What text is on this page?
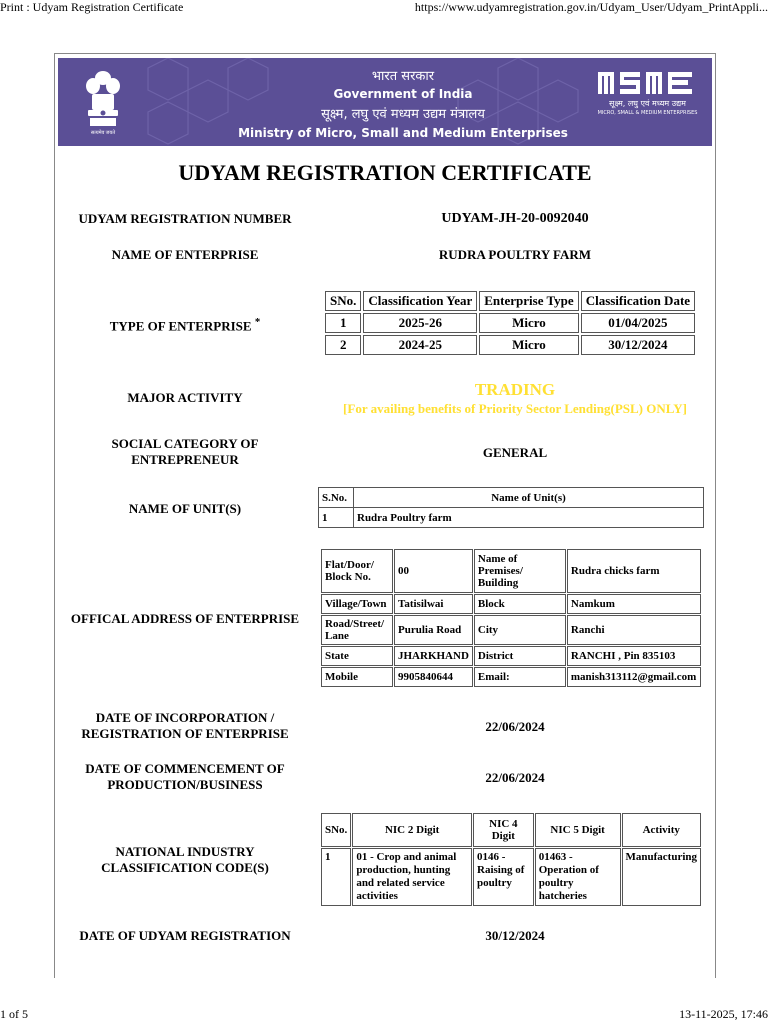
Print : Udyam Registration Certificate	https://www.udyamregistration.gov.in/Udyam_User/Udyam_PrintAppli...
सत्यमेव जयते
भारत सरकार
Government of India
सूक्ष्म, लघु एवं मध्यम उद्यम मंत्रालय
Ministry of Micro, Small and Medium Enterprises
सूक्ष्म, लघु एवं मध्यम उद्यम
MICRO, SMALL & MEDIUM ENTERPRISES
UDYAM REGISTRATION CERTIFICATE
UDYAM REGISTRATION NUMBER	UDYAM-JH-20-0092040
NAME OF ENTERPRISE	RUDRA POULTRY FARM
TYPE OF ENTERPRISE *
SNo.	Classification Year	Enterprise Type	Classification Date
1	2025-26	Micro	01/04/2025
2	2024-25	Micro	30/12/2024
MAJOR ACTIVITY	TRADING
[For availing benefits of Priority Sector Lending(PSL) ONLY]
SOCIAL CATEGORY OF
ENTREPRENEUR	GENERAL
NAME OF UNIT(S)
S.No.	Name of Unit(s)
1	Rudra Poultry farm
OFFICAL ADDRESS OF ENTERPRISE
Flat/Door/ Block No.	00	Name of Premises/ Building	Rudra chicks farm
Village/Town	Tatisilwai	Block	Namkum
Road/Street/ Lane	Purulia Road	City	Ranchi
State	JHARKHAND	District	RANCHI , Pin 835103
Mobile	9905840644	Email:	manish313112@gmail.com
DATE OF INCORPORATION /
REGISTRATION OF ENTERPRISE	22/06/2024
DATE OF COMMENCEMENT OF
PRODUCTION/BUSINESS	22/06/2024
NATIONAL INDUSTRY
CLASSIFICATION CODE(S)
SNo.	NIC 2 Digit	NIC 4 Digit	NIC 5 Digit	Activity
1	01 - Crop and animal production, hunting and related service activities	0146 - Raising of poultry	01463 - Operation of poultry hatcheries	Manufacturing
DATE OF UDYAM REGISTRATION	30/12/2024
1 of 5	13-11-2025, 17:46
